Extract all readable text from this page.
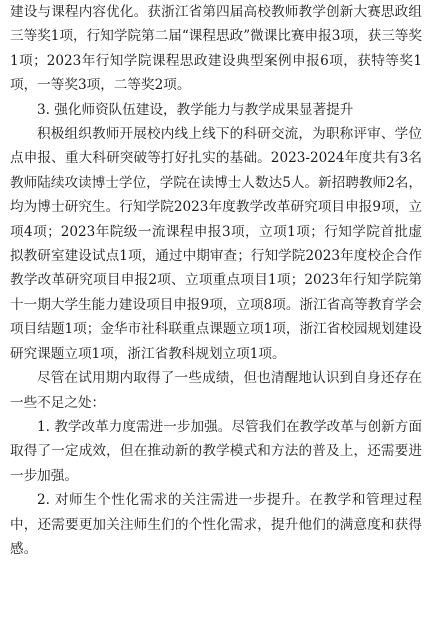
建设与课程内容优化。获浙江省第四届高校教师教学创新大赛思政组三等奖1项，行知学院第二届“课程思政”微课比赛申报3项，获三等奖1项；2023年行知学院课程思政建设典型案例申报6项，获特等奖1项，一等奖3项，二等奖2项。

3. 强化师资队伍建设，教学能力与教学成果显著提升

积极组织教师开展校内线上线下的科研交流，为职称评审、学位点申报、重大科研突破等打好扎实的基础。2023-2024年度共有3名教师陆续攻读博士学位，学院在读博士人数达5人。新招聘教师2名，均为博士研究生。行知学院2023年度教学改革研究项目申报9项，立项4项；2023年院级一流课程申报3项，立项1项；行知学院首批虚拟教研室建设试点1项，通过中期审查；行知学院2023年度校企合作教学改革研究项目申报2项、立项重点项目1项；2023年行知学院第十一期大学生能力建设项目申报9项，立项8项。浙江省高等教育学会项目结题1项；金华市社科联重点课题立项1项，浙江省校园规划建设研究课题立项1项，浙江省教科规划立项1项。

尽管在试用期内取得了一些成绩，但也清醒地认识到自身还存在一些不足之处：

1. 教学改革力度需进一步加强。尽管我们在教学改革与创新方面取得了一定成效，但在推动新的教学模式和方法的普及上，还需要进一步加强。

2. 对师生个性化需求的关注需进一步提升。在教学和管理过程中，还需要更加关注师生们的个性化需求，提升他们的满意度和获得感。
